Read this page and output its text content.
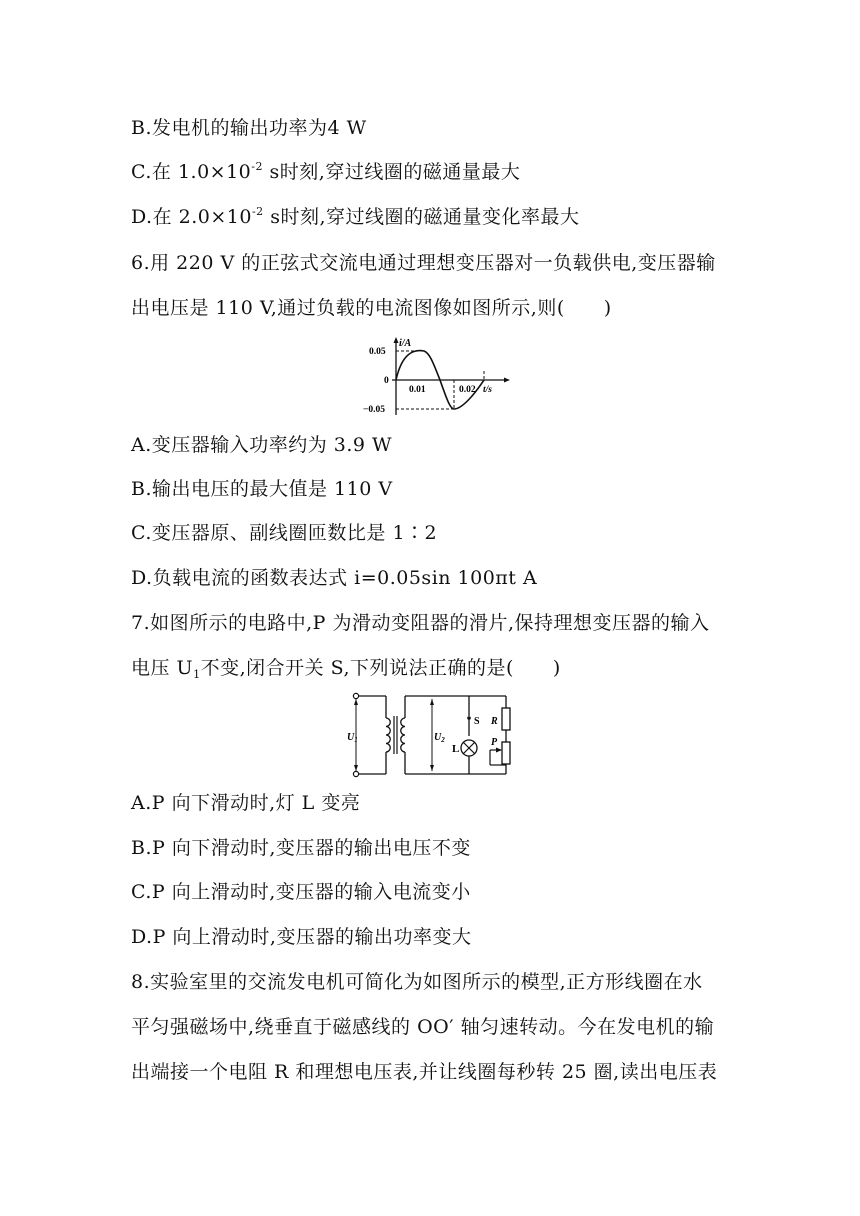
B.发电机的输出功率为4 W
C.在 $1.0\times 10^{-2}$ s时刻,穿过线圈的磁通量最大
D.在 $2.0\times 10^{-2}$ s时刻,穿过线圈的磁通量变化率最大
6.用 220 V 的正弦式交流电通过理想变压器对一负载供电,变压器输
出电压是 110 V,通过负载的电流图像如图所示,则(　　)
i/A
0.05
0
−0.05
0.01	0.02 t/s
A.变压器输入功率约为 3.9 W
B.输出电压的最大值是 110 V
C.变压器原、副线圈匝数比是 1∶2
D.负载电流的函数表达式 i=0.05sin 100πt A
7.如图所示的电路中,P 为滑动变阻器的滑片,保持理想变压器的输入
电压 $U_1$不变,闭合开关 S,下列说法正确的是(　　)
$U_1$	$U_2$
S R
L
P
A.P 向下滑动时,灯 L 变亮
B.P 向下滑动时,变压器的输出电压不变
C.P 向上滑动时,变压器的输入电流变小
D.P 向上滑动时,变压器的输出功率变大
8.实验室里的交流发电机可简化为如图所示的模型,正方形线圈在水
平匀强磁场中,绕垂直于磁感线的 OO′ 轴匀速转动。今在发电机的输
出端接一个电阻 R 和理想电压表,并让线圈每秒转 25 圈,读出电压表
